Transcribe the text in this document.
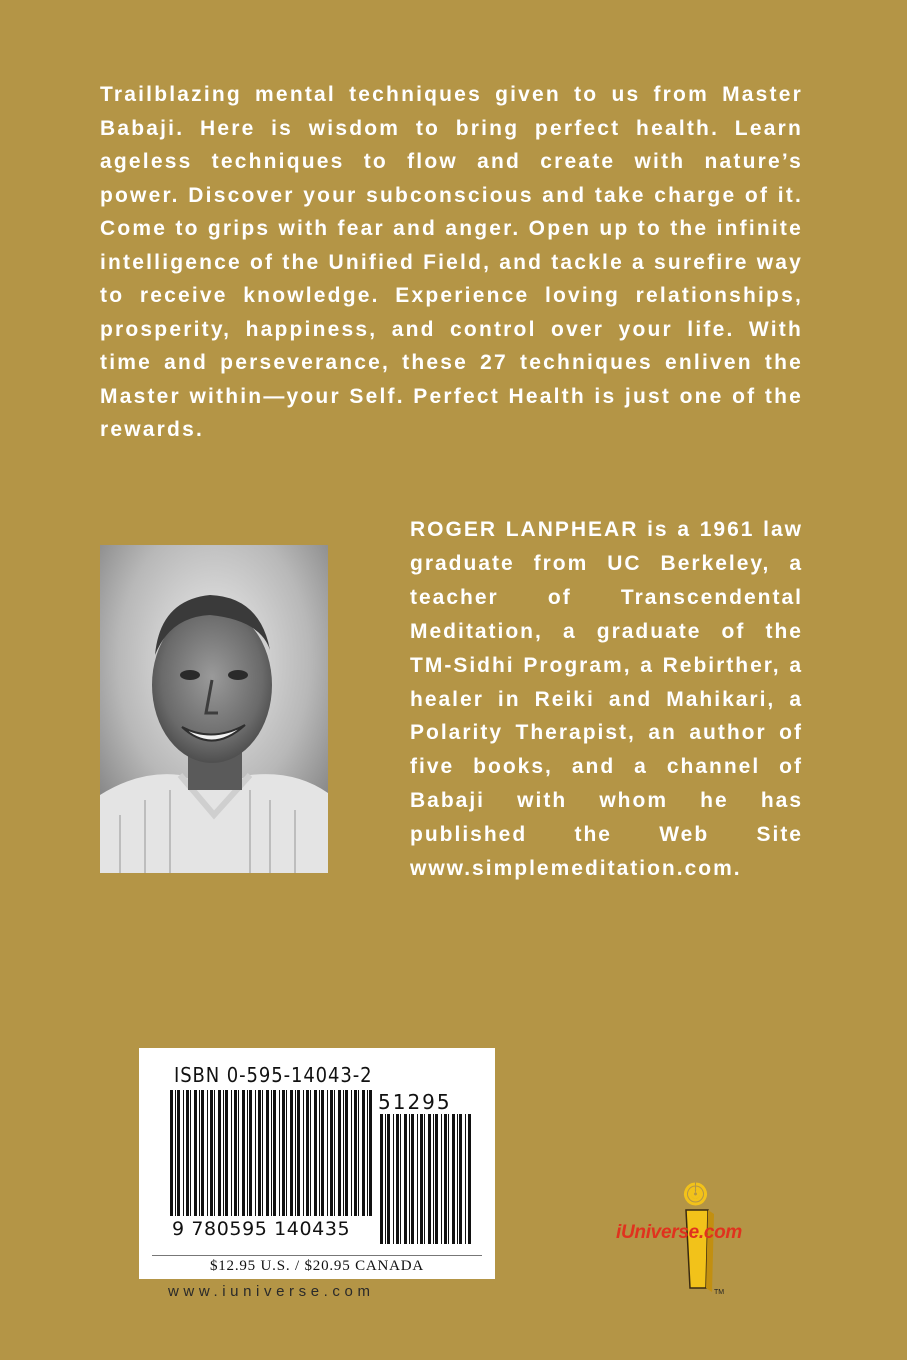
Trailblazing mental techniques given to us from Master Babaji. Here is wisdom to bring perfect health. Learn ageless techniques to flow and create with nature’s power. Discover your subconscious and take charge of it. Come to grips with fear and anger. Open up to the infinite intelligence of the Unified Field, and tackle a surefire way to receive knowledge. Experience loving relationships, prosperity, happiness, and control over your life. With time and perseverance, these 27 techniques enliven the Master within—your Self. Perfect Health is just one of the rewards.

ROGER LANPHEAR is a 1961 law graduate from UC Berkeley, a teacher of Transcendental Meditation, a graduate of the TM-Sidhi Program, a Rebirther, a healer in Reiki and Mahikari, a Polarity Therapist, an author of five books, and a channel of Babaji with whom he has published the Web Site www.simplemeditation.com.

ISBN 0-595-14043-2
51295
9 780595 140435
$12.95 U.S. / $20.95 CANADA
www.iuniverse.com	TM
iUniverse.com
